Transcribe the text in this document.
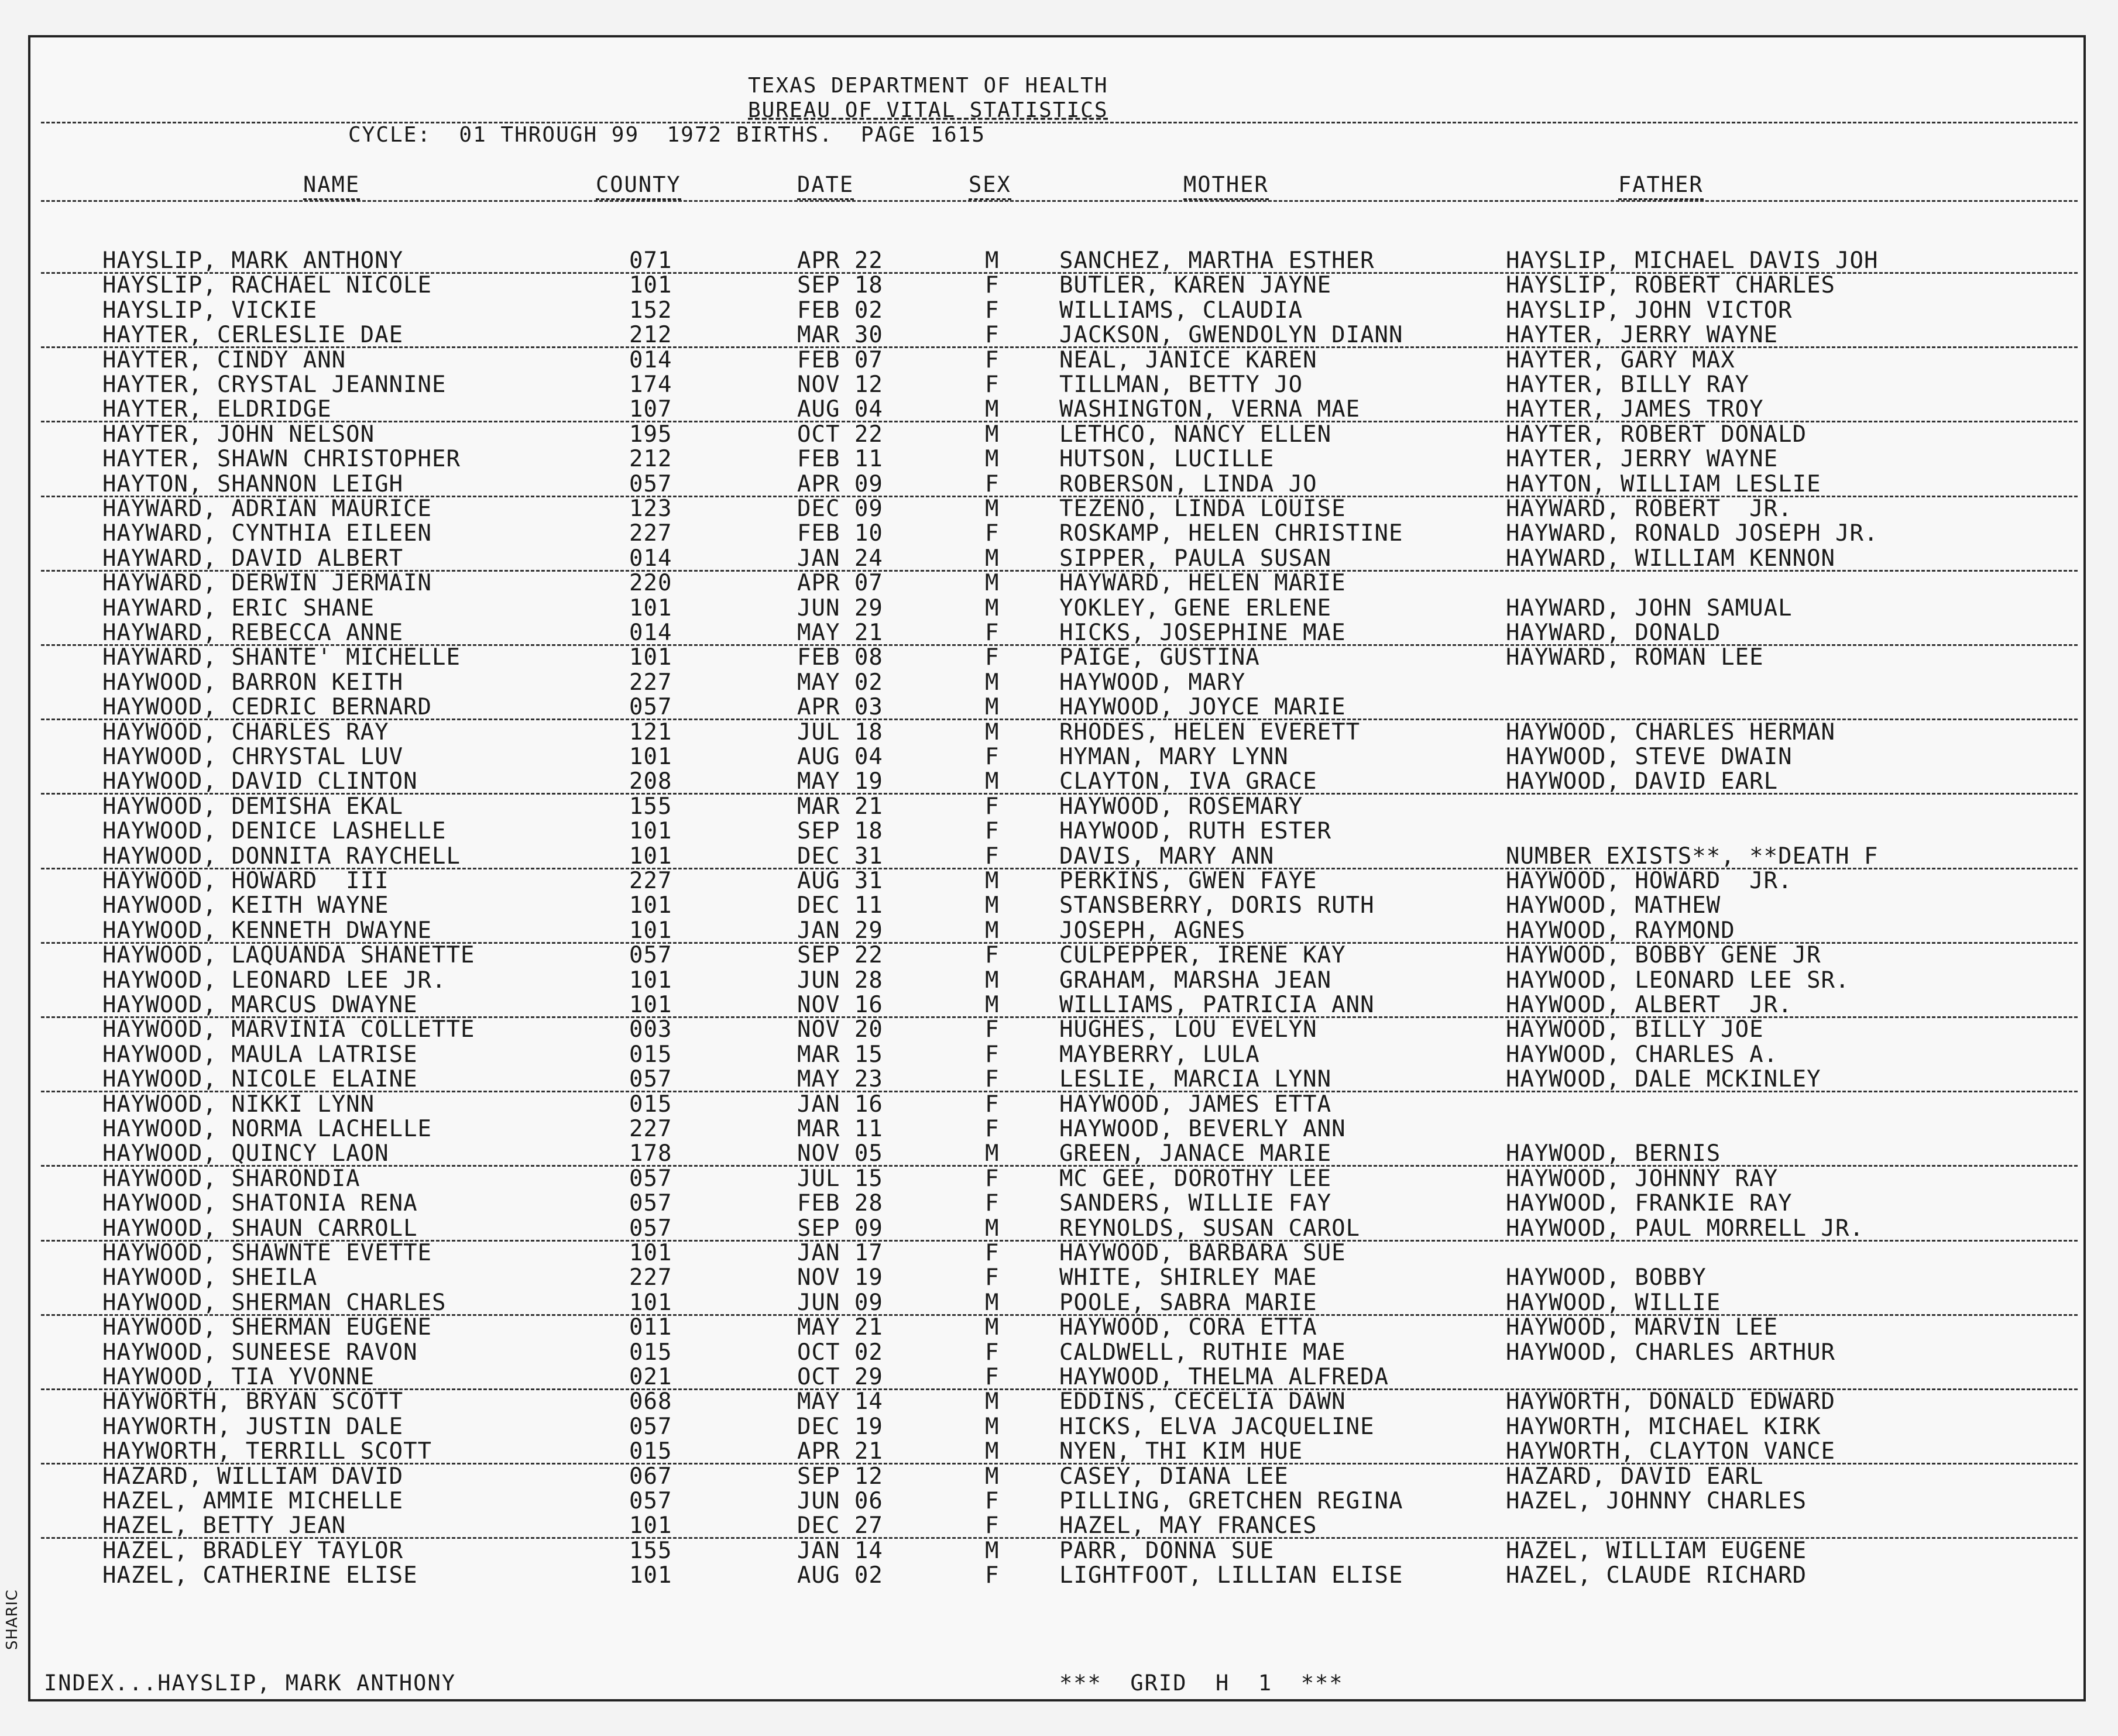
TEXAS DEPARTMENT OF HEALTH
BUREAU OF VITAL STATISTICS
CYCLE:  01 THROUGH 99  1972 BIRTHS.  PAGE 1615
NAME	COUNTY	DATE	SEX	MOTHER	FATHER
HAYSLIP, MARK ANTHONY	071	APR 22	M	SANCHEZ, MARTHA ESTHER	HAYSLIP, MICHAEL DAVIS JOH
HAYSLIP, RACHAEL NICOLE	101	SEP 18	F	BUTLER, KAREN JAYNE	HAYSLIP, ROBERT CHARLES
HAYSLIP, VICKIE	152	FEB 02	F	WILLIAMS, CLAUDIA	HAYSLIP, JOHN VICTOR
HAYTER, CERLESLIE DAE	212	MAR 30	F	JACKSON, GWENDOLYN DIANN	HAYTER, JERRY WAYNE
HAYTER, CINDY ANN	014	FEB 07	F	NEAL, JANICE KAREN	HAYTER, GARY MAX
HAYTER, CRYSTAL JEANNINE	174	NOV 12	F	TILLMAN, BETTY JO	HAYTER, BILLY RAY
HAYTER, ELDRIDGE	107	AUG 04	M	WASHINGTON, VERNA MAE	HAYTER, JAMES TROY
HAYTER, JOHN NELSON	195	OCT 22	M	LETHCO, NANCY ELLEN	HAYTER, ROBERT DONALD
HAYTER, SHAWN CHRISTOPHER	212	FEB 11	M	HUTSON, LUCILLE	HAYTER, JERRY WAYNE
HAYTON, SHANNON LEIGH	057	APR 09	F	ROBERSON, LINDA JO	HAYTON, WILLIAM LESLIE
HAYWARD, ADRIAN MAURICE	123	DEC 09	M	TEZENO, LINDA LOUISE	HAYWARD, ROBERT  JR.
HAYWARD, CYNTHIA EILEEN	227	FEB 10	F	ROSKAMP, HELEN CHRISTINE	HAYWARD, RONALD JOSEPH JR.
HAYWARD, DAVID ALBERT	014	JAN 24	M	SIPPER, PAULA SUSAN	HAYWARD, WILLIAM KENNON
HAYWARD, DERWIN JERMAIN	220	APR 07	M	HAYWARD, HELEN MARIE
HAYWARD, ERIC SHANE	101	JUN 29	M	YOKLEY, GENE ERLENE	HAYWARD, JOHN SAMUAL
HAYWARD, REBECCA ANNE	014	MAY 21	F	HICKS, JOSEPHINE MAE	HAYWARD, DONALD
HAYWARD, SHANTE' MICHELLE	101	FEB 08	F	PAIGE, GUSTINA	HAYWARD, ROMAN LEE
HAYWOOD, BARRON KEITH	227	MAY 02	M	HAYWOOD, MARY
HAYWOOD, CEDRIC BERNARD	057	APR 03	M	HAYWOOD, JOYCE MARIE
HAYWOOD, CHARLES RAY	121	JUL 18	M	RHODES, HELEN EVERETT	HAYWOOD, CHARLES HERMAN
HAYWOOD, CHRYSTAL LUV	101	AUG 04	F	HYMAN, MARY LYNN	HAYWOOD, STEVE DWAIN
HAYWOOD, DAVID CLINTON	208	MAY 19	M	CLAYTON, IVA GRACE	HAYWOOD, DAVID EARL
HAYWOOD, DEMISHA EKAL	155	MAR 21	F	HAYWOOD, ROSEMARY
HAYWOOD, DENICE LASHELLE	101	SEP 18	F	HAYWOOD, RUTH ESTER
HAYWOOD, DONNITA RAYCHELL	101	DEC 31	F	DAVIS, MARY ANN	NUMBER EXISTS**, **DEATH F
HAYWOOD, HOWARD  III	227	AUG 31	M	PERKINS, GWEN FAYE	HAYWOOD, HOWARD  JR.
HAYWOOD, KEITH WAYNE	101	DEC 11	M	STANSBERRY, DORIS RUTH	HAYWOOD, MATHEW
HAYWOOD, KENNETH DWAYNE	101	JAN 29	M	JOSEPH, AGNES	HAYWOOD, RAYMOND
HAYWOOD, LAQUANDA SHANETTE	057	SEP 22	F	CULPEPPER, IRENE KAY	HAYWOOD, BOBBY GENE JR
HAYWOOD, LEONARD LEE JR.	101	JUN 28	M	GRAHAM, MARSHA JEAN	HAYWOOD, LEONARD LEE SR.
HAYWOOD, MARCUS DWAYNE	101	NOV 16	M	WILLIAMS, PATRICIA ANN	HAYWOOD, ALBERT  JR.
HAYWOOD, MARVINIA COLLETTE	003	NOV 20	F	HUGHES, LOU EVELYN	HAYWOOD, BILLY JOE
HAYWOOD, MAULA LATRISE	015	MAR 15	F	MAYBERRY, LULA	HAYWOOD, CHARLES A.
HAYWOOD, NICOLE ELAINE	057	MAY 23	F	LESLIE, MARCIA LYNN	HAYWOOD, DALE MCKINLEY
HAYWOOD, NIKKI LYNN	015	JAN 16	F	HAYWOOD, JAMES ETTA
HAYWOOD, NORMA LACHELLE	227	MAR 11	F	HAYWOOD, BEVERLY ANN
HAYWOOD, QUINCY LAON	178	NOV 05	M	GREEN, JANACE MARIE	HAYWOOD, BERNIS
HAYWOOD, SHARONDIA	057	JUL 15	F	MC GEE, DOROTHY LEE	HAYWOOD, JOHNNY RAY
HAYWOOD, SHATONIA RENA	057	FEB 28	F	SANDERS, WILLIE FAY	HAYWOOD, FRANKIE RAY
HAYWOOD, SHAUN CARROLL	057	SEP 09	M	REYNOLDS, SUSAN CAROL	HAYWOOD, PAUL MORRELL JR.
HAYWOOD, SHAWNTE EVETTE	101	JAN 17	F	HAYWOOD, BARBARA SUE
HAYWOOD, SHEILA	227	NOV 19	F	WHITE, SHIRLEY MAE	HAYWOOD, BOBBY
HAYWOOD, SHERMAN CHARLES	101	JUN 09	M	POOLE, SABRA MARIE	HAYWOOD, WILLIE
HAYWOOD, SHERMAN EUGENE	011	MAY 21	M	HAYWOOD, CORA ETTA	HAYWOOD, MARVIN LEE
HAYWOOD, SUNEESE RAVON	015	OCT 02	F	CALDWELL, RUTHIE MAE	HAYWOOD, CHARLES ARTHUR
HAYWOOD, TIA YVONNE	021	OCT 29	F	HAYWOOD, THELMA ALFREDA
HAYWORTH, BRYAN SCOTT	068	MAY 14	M	EDDINS, CECELIA DAWN	HAYWORTH, DONALD EDWARD
HAYWORTH, JUSTIN DALE	057	DEC 19	M	HICKS, ELVA JACQUELINE	HAYWORTH, MICHAEL KIRK
HAYWORTH, TERRILL SCOTT	015	APR 21	M	NYEN, THI KIM HUE	HAYWORTH, CLAYTON VANCE
HAZARD, WILLIAM DAVID	067	SEP 12	M	CASEY, DIANA LEE	HAZARD, DAVID EARL
HAZEL, AMMIE MICHELLE	057	JUN 06	F	PILLING, GRETCHEN REGINA	HAZEL, JOHNNY CHARLES
HAZEL, BETTY JEAN	101	DEC 27	F	HAZEL, MAY FRANCES
HAZEL, BRADLEY TAYLOR	155	JAN 14	M	PARR, DONNA SUE	HAZEL, WILLIAM EUGENE
HAZEL, CATHERINE ELISE	101	AUG 02	F	LIGHTFOOT, LILLIAN ELISE	HAZEL, CLAUDE RICHARD
INDEX...HAYSLIP, MARK ANTHONY	***  GRID  H  1  ***
SHARIC
